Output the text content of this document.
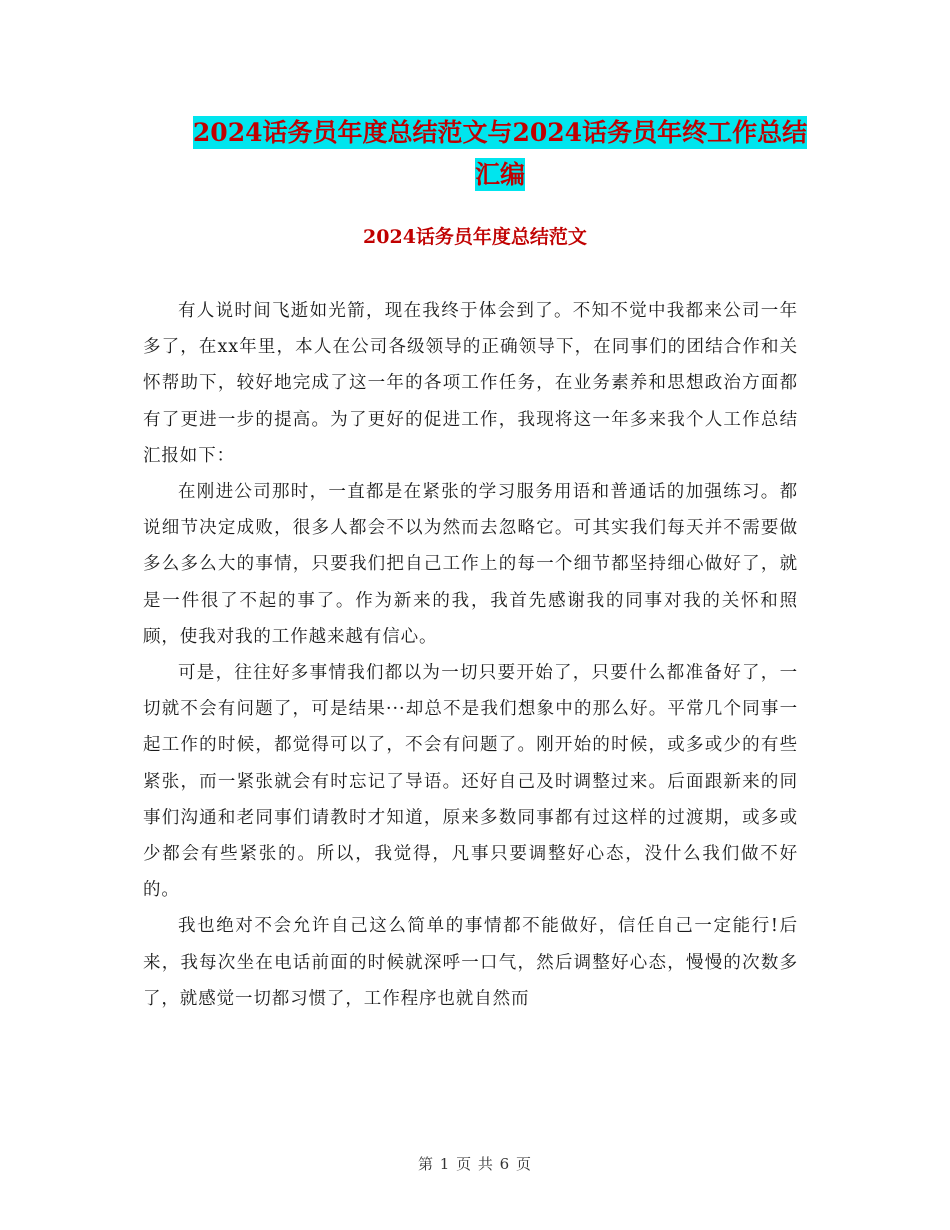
2024话务员年度总结范文与2024话务员年终工作总结
汇编
2024话务员年度总结范文

有人说时间飞逝如光箭，现在我终于体会到了。不知不觉中我都来公司一年多了，在xx年里，本人在公司各级领导的正确领导下，在同事们的团结合作和关怀帮助下，较好地完成了这一年的各项工作任务，在业务素养和思想政治方面都有了更进一步的提高。为了更好的促进工作，我现将这一年多来我个人工作总结汇报如下：

在刚进公司那时，一直都是在紧张的学习服务用语和普通话的加强练习。都说细节决定成败，很多人都会不以为然而去忽略它。可其实我们每天并不需要做多么多么大的事情，只要我们把自己工作上的每一个细节都坚持细心做好了，就是一件很了不起的事了。作为新来的我，我首先感谢我的同事对我的关怀和照顾，使我对我的工作越来越有信心。

可是，往往好多事情我们都以为一切只要开始了，只要什么都准备好了，一切就不会有问题了，可是结果···却总不是我们想象中的那么好。平常几个同事一起工作的时候，都觉得可以了，不会有问题了。刚开始的时候，或多或少的有些紧张，而一紧张就会有时忘记了导语。还好自己及时调整过来。后面跟新来的同事们沟通和老同事们请教时才知道，原来多数同事都有过这样的过渡期，或多或少都会有些紧张的。所以，我觉得，凡事只要调整好心态，没什么我们做不好的。

我也绝对不会允许自己这么简单的事情都不能做好，信任自己一定能行!后来，我每次坐在电话前面的时候就深呼一口气，然后调整好心态，慢慢的次数多了，就感觉一切都习惯了，工作程序也就自然而

第 1 页 共 6 页
